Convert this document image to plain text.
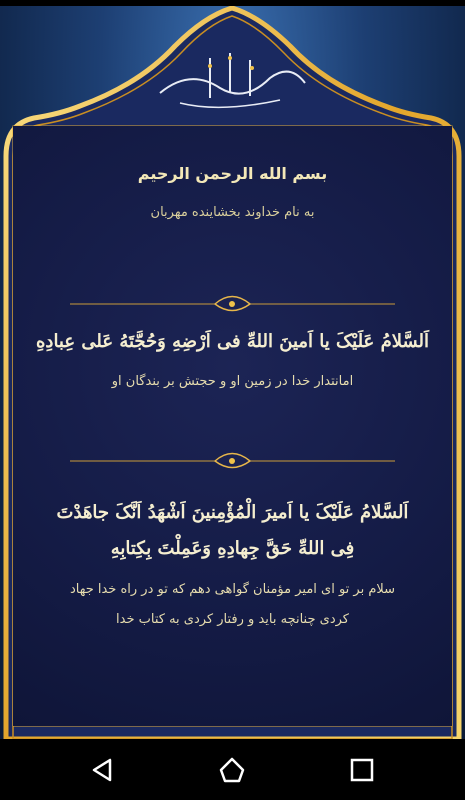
بسم الله الرحمن الرحیم
به نام خداوند بخشاینده مهربان
اَلسَّلامُ عَلَيْکَ يا اَمينَ اللهِّ فى اَرْضِهِ وَحُجَّتَهُ عَلى عِبادِهِ
امانتدار خدا در زمین او و حجتش بر بندگان او
اَلسَّلامُ عَلَيْکَ يا اَميرَ الْمُؤْمِنينَ اَشْهَدُ اَنَّکَ جاهَدْتَ
فِى اللهِّ حَقَّ جِهادِهِ وَعَمِلْتَ بِکِتابِهِ
سلام بر تو ای امیر مؤمنان گواهی دهم که تو در راه خدا جهاد
کردی چنانچه باید و رفتار کردی به کتاب خدا
